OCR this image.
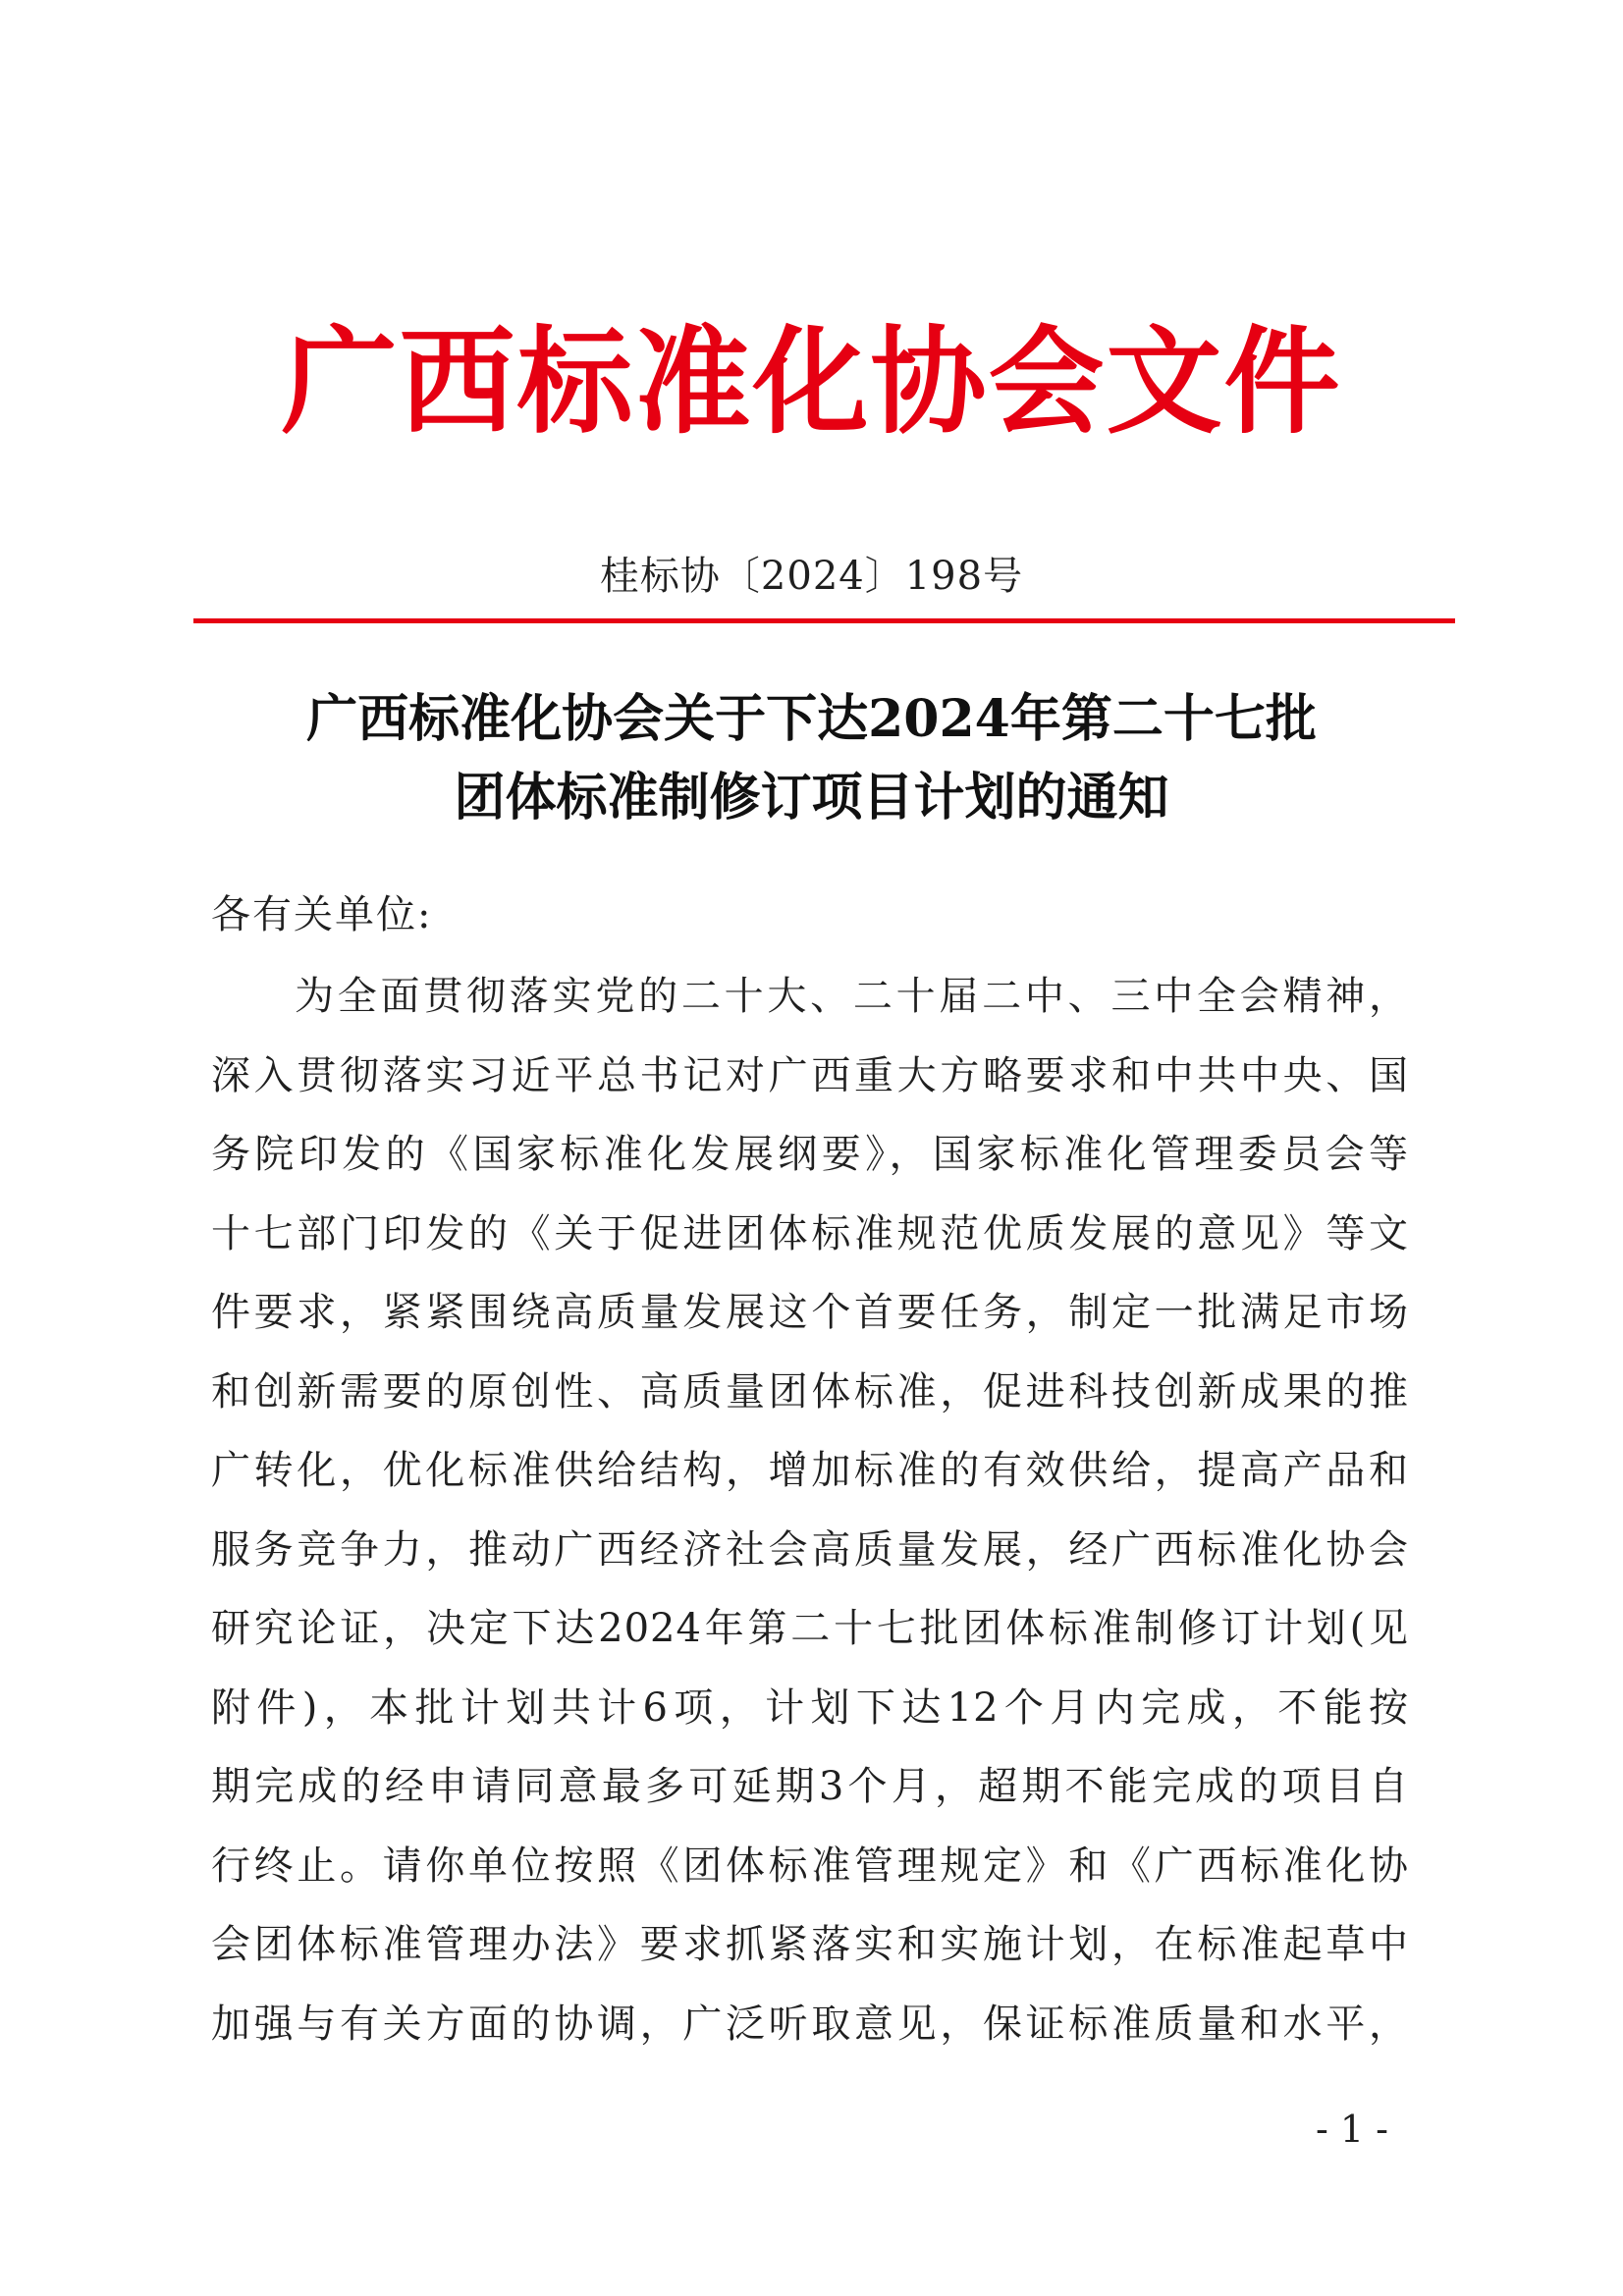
广西标准化协会文件
桂标协〔2024〕198号
广西标准化协会关于下达2024年第二十七批
团体标准制修订项目计划的通知
各有关单位:
为全面贯彻落实党的二十大、二十届二中、三中全会精神，
深入贯彻落实习近平总书记对广西重大方略要求和中共中央、国
务院印发的《国家标准化发展纲要》，国家标准化管理委员会等
十七部门印发的《关于促进团体标准规范优质发展的意见》等文
件要求，紧紧围绕高质量发展这个首要任务，制定一批满足市场
和创新需要的原创性、高质量团体标准，促进科技创新成果的推
广转化，优化标准供给结构，增加标准的有效供给，提高产品和
服务竞争力，推动广西经济社会高质量发展，经广西标准化协会
研究论证，决定下达2024年第二十七批团体标准制修订计划(见
附件)，本批计划共计6项，计划下达12个月内完成，不能按
期完成的经申请同意最多可延期3个月，超期不能完成的项目自
行终止。请你单位按照《团体标准管理规定》和《广西标准化协
会团体标准管理办法》要求抓紧落实和实施计划，在标准起草中
加强与有关方面的协调，广泛听取意见，保证标准质量和水平，
- 1 -
